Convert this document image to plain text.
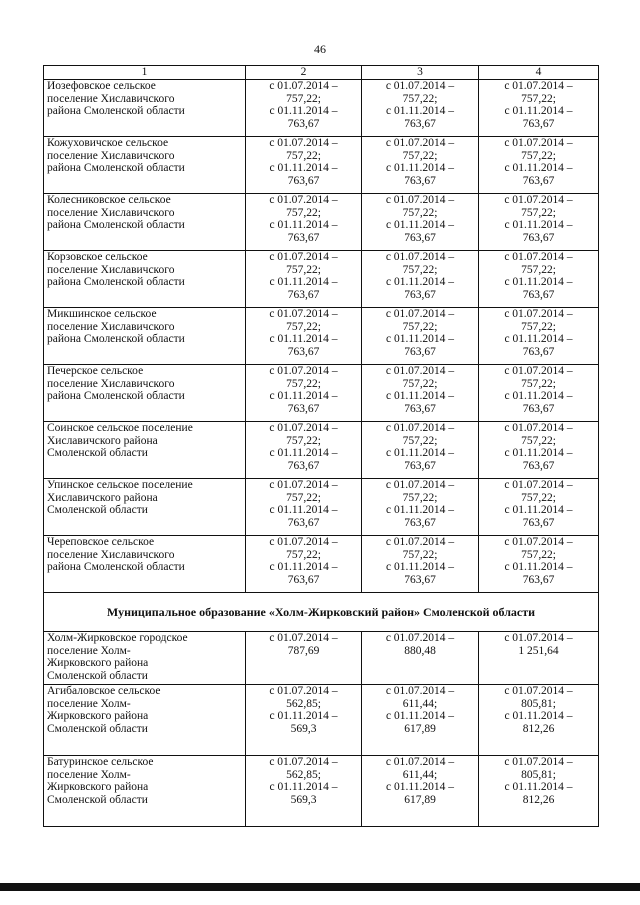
46
1	2	3	4

Иозефовское сельское
поселение Хиславичского
района Смоленской области	с 01.07.2014 –
757,22;
с 01.11.2014 –
763,67	с 01.07.2014 –
757,22;
с 01.11.2014 –
763,67	с 01.07.2014 –
757,22;
с 01.11.2014 –
763,67

Кожуховичское сельское
поселение Хиславичского
района Смоленской области	с 01.07.2014 –
757,22;
с 01.11.2014 –
763,67	с 01.07.2014 –
757,22;
с 01.11.2014 –
763,67	с 01.07.2014 –
757,22;
с 01.11.2014 –
763,67

Колесниковское сельское
поселение Хиславичского
района Смоленской области	с 01.07.2014 –
757,22;
с 01.11.2014 –
763,67	с 01.07.2014 –
757,22;
с 01.11.2014 –
763,67	с 01.07.2014 –
757,22;
с 01.11.2014 –
763,67

Корзовское сельское
поселение Хиславичского
района Смоленской области	с 01.07.2014 –
757,22;
с 01.11.2014 –
763,67	с 01.07.2014 –
757,22;
с 01.11.2014 –
763,67	с 01.07.2014 –
757,22;
с 01.11.2014 –
763,67

Микшинское сельское
поселение Хиславичского
района Смоленской области	с 01.07.2014 –
757,22;
с 01.11.2014 –
763,67	с 01.07.2014 –
757,22;
с 01.11.2014 –
763,67	с 01.07.2014 –
757,22;
с 01.11.2014 –
763,67

Печерское сельское
поселение Хиславичского
района Смоленской области	с 01.07.2014 –
757,22;
с 01.11.2014 –
763,67	с 01.07.2014 –
757,22;
с 01.11.2014 –
763,67	с 01.07.2014 –
757,22;
с 01.11.2014 –
763,67

Соинское сельское поселение
Хиславичского района
Смоленской области	с 01.07.2014 –
757,22;
с 01.11.2014 –
763,67	с 01.07.2014 –
757,22;
с 01.11.2014 –
763,67	с 01.07.2014 –
757,22;
с 01.11.2014 –
763,67

Упинское сельское поселение
Хиславичского района
Смоленской области	с 01.07.2014 –
757,22;
с 01.11.2014 –
763,67	с 01.07.2014 –
757,22;
с 01.11.2014 –
763,67	с 01.07.2014 –
757,22;
с 01.11.2014 –
763,67

Череповское сельское
поселение Хиславичского
района Смоленской области	с 01.07.2014 –
757,22;
с 01.11.2014 –
763,67	с 01.07.2014 –
757,22;
с 01.11.2014 –
763,67	с 01.07.2014 –
757,22;
с 01.11.2014 –
763,67

Муниципальное образование «Холм-Жирковский район» Смоленской области			

Холм-Жирковское городское
поселение Холм-
Жирковского района
Смоленской области	с 01.07.2014 –
787,69	с 01.07.2014 –
880,48	с 01.07.2014 –
1 251,64

Агибаловское сельское
поселение Холм-
Жирковского района
Смоленской области	с 01.07.2014 –
562,85;
с 01.11.2014 –
569,3	с 01.07.2014 –
611,44;
с 01.11.2014 –
617,89	с 01.07.2014 –
805,81;
с 01.11.2014 –
812,26

Батуринское сельское
поселение Холм-
Жирковского района
Смоленской области	с 01.07.2014 –
562,85;
с 01.11.2014 –
569,3	с 01.07.2014 –
611,44;
с 01.11.2014 –
617,89	с 01.07.2014 –
805,81;
с 01.11.2014 –
812,26
